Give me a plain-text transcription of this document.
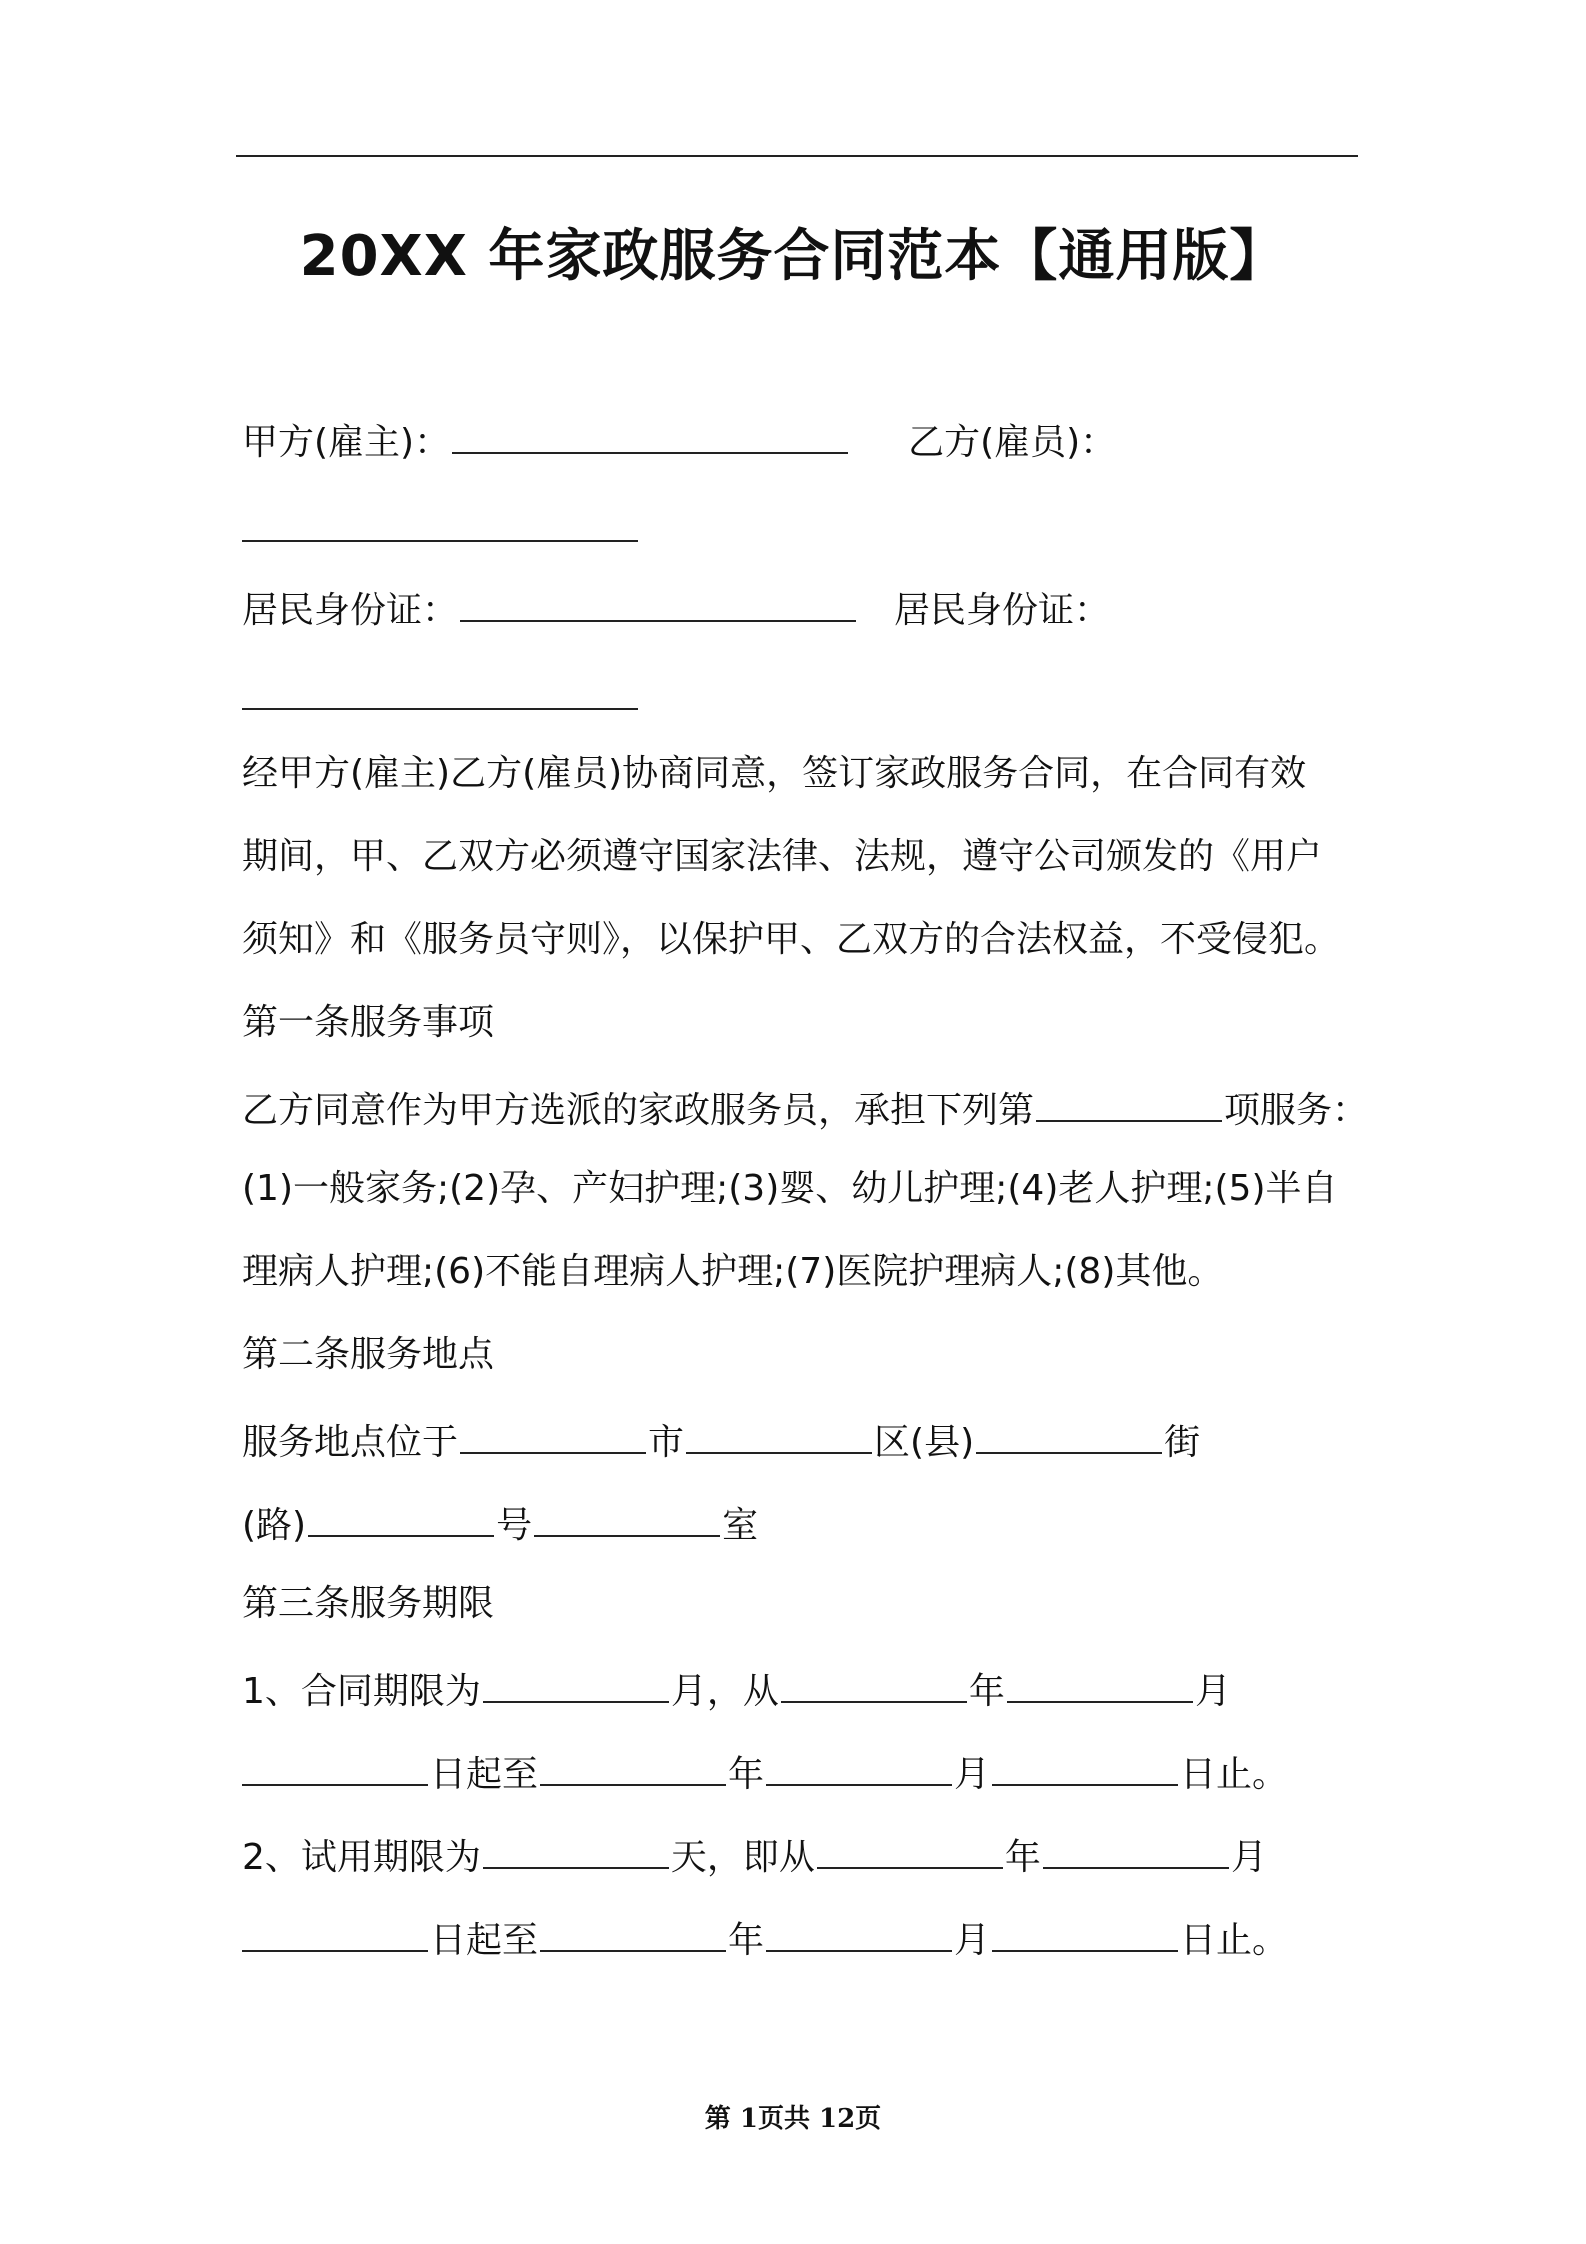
20XX 年家政服务合同范本【通用版】
甲方(雇主)：	乙方(雇员)：
居民身份证：	居民身份证：
经甲方(雇主)乙方(雇员)协商同意，签订家政服务合同，在合同有效
期间，甲、乙双方必须遵守国家法律、法规，遵守公司颁发的《用户
须知》和《服务员守则》，以保护甲、乙双方的合法权益，不受侵犯。
第一条服务事项
乙方同意作为甲方选派的家政服务员，承担下列第	项服务：
(1)一般家务;(2)孕、产妇护理;(3)婴、幼儿护理;(4)老人护理;(5)半自
理病人护理;(6)不能自理病人护理;(7)医院护理病人;(8)其他。
第二条服务地点
服务地点位于	市	区(县)	街
(路)	号	室
第三条服务期限
1、合同期限为	月，从	年	月
日起至	年	月	日止。
2、试用期限为	天，即从	年	月
日起至	年	月	日止。
第 1页共 12页
